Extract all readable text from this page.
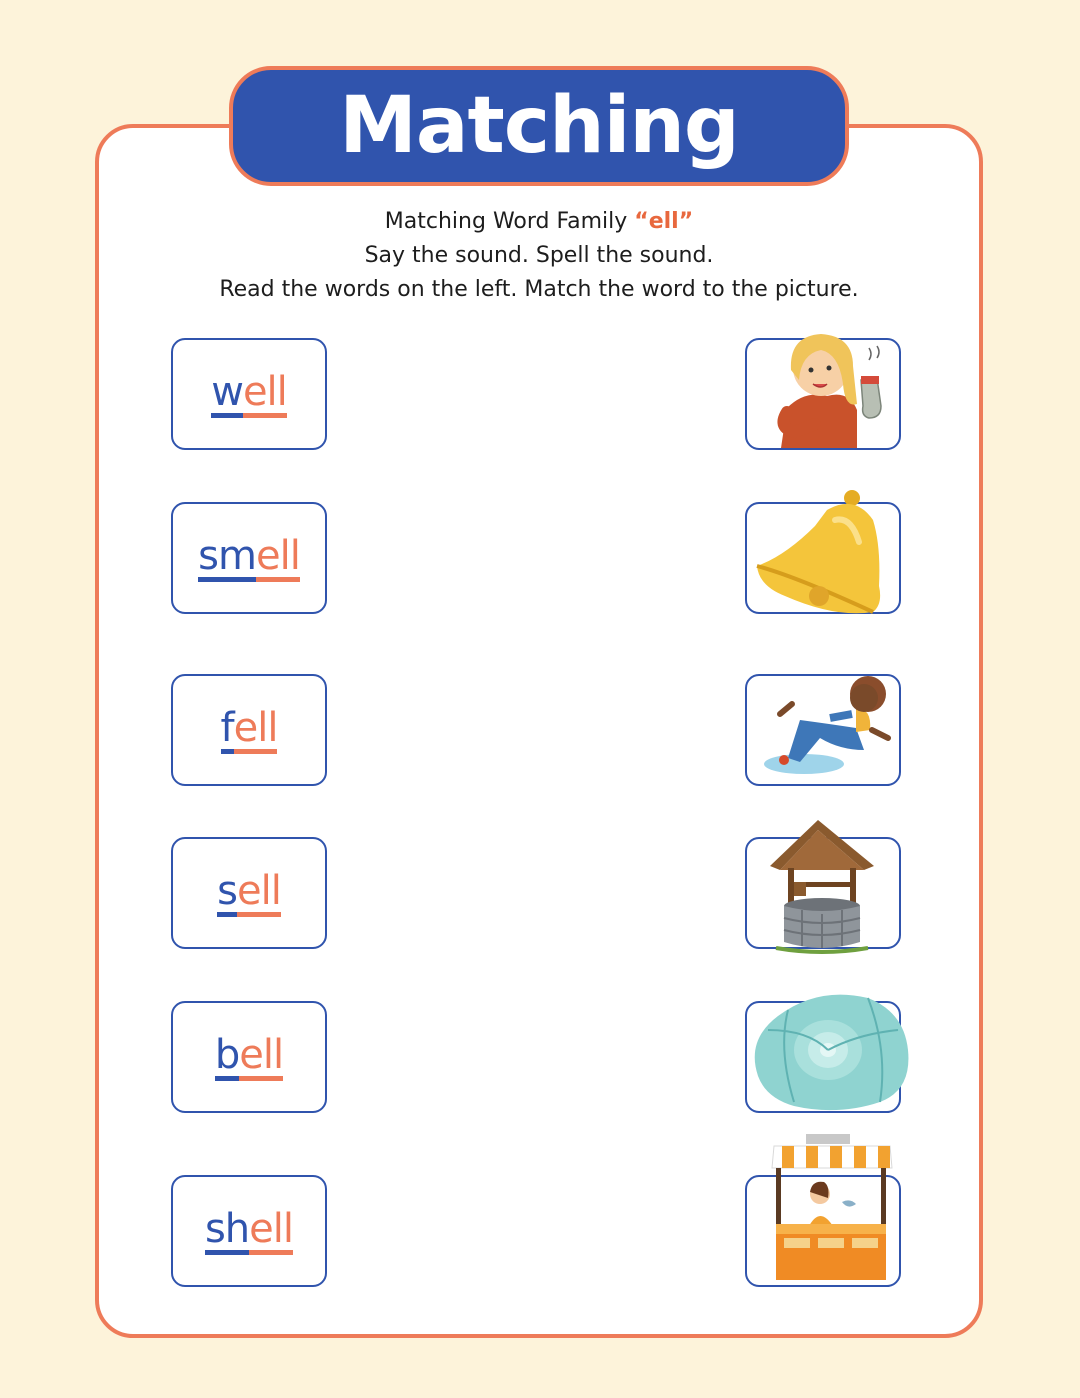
Matching
Matching Word Family “ell”
Say the sound. Spell the sound.
Read the words on the left. Match the word to the picture.
w ell
sm ell
f ell
s ell
b ell
sh ell
